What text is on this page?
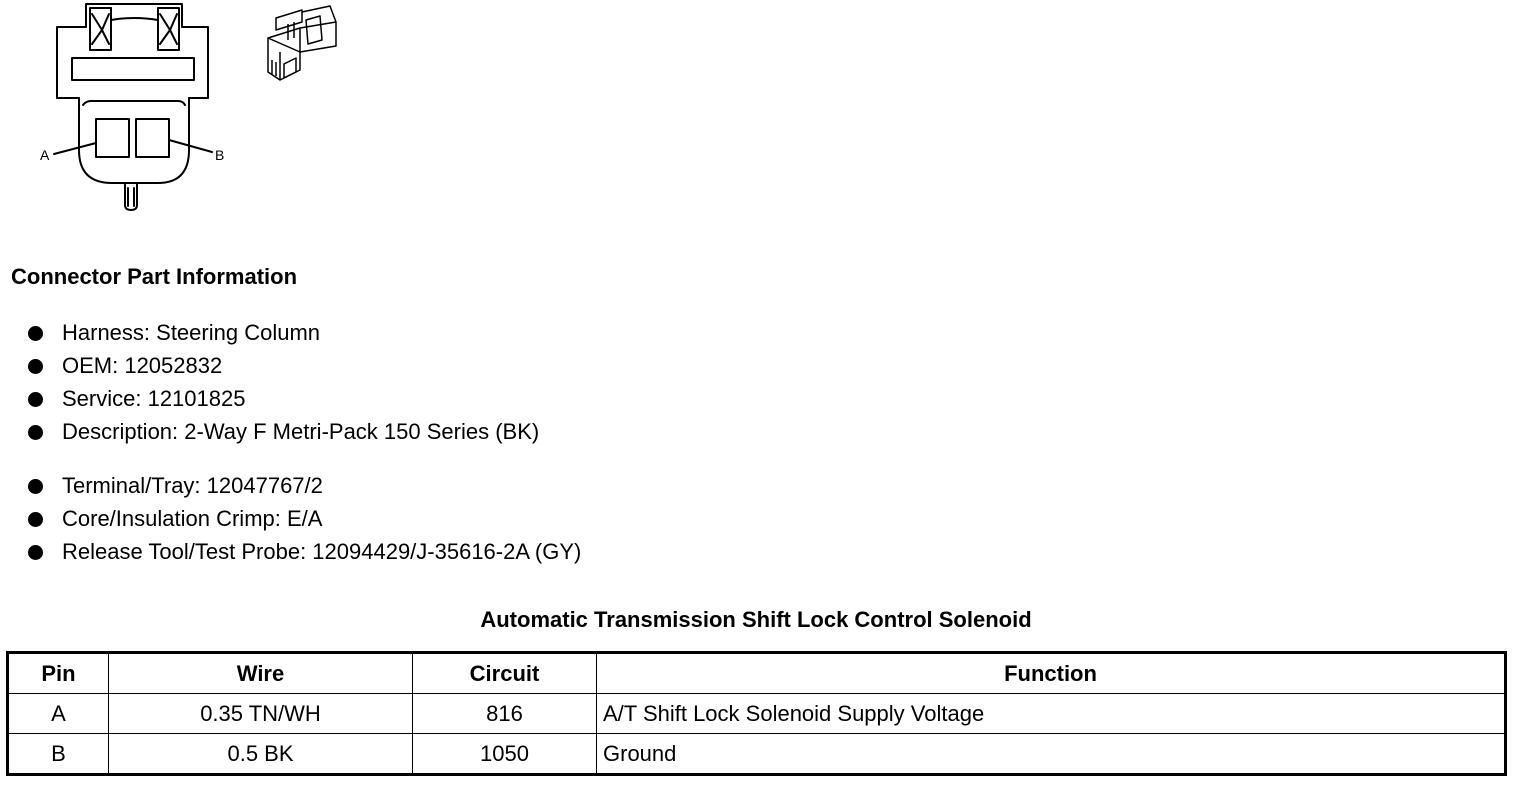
A	B
Connector Part Information
Harness: Steering Column
OEM: 12052832
Service: 12101825
Description: 2-Way F Metri-Pack 150 Series (BK)
Terminal/Tray: 12047767/2
Core/Insulation Crimp: E/A
Release Tool/Test Probe: 12094429/J-35616-2A (GY)
Automatic Transmission Shift Lock Control Solenoid
Pin	Wire	Circuit	Function
A	0.35 TN/WH	816	A/T Shift Lock Solenoid Supply Voltage
B	0.5 BK	1050	Ground
